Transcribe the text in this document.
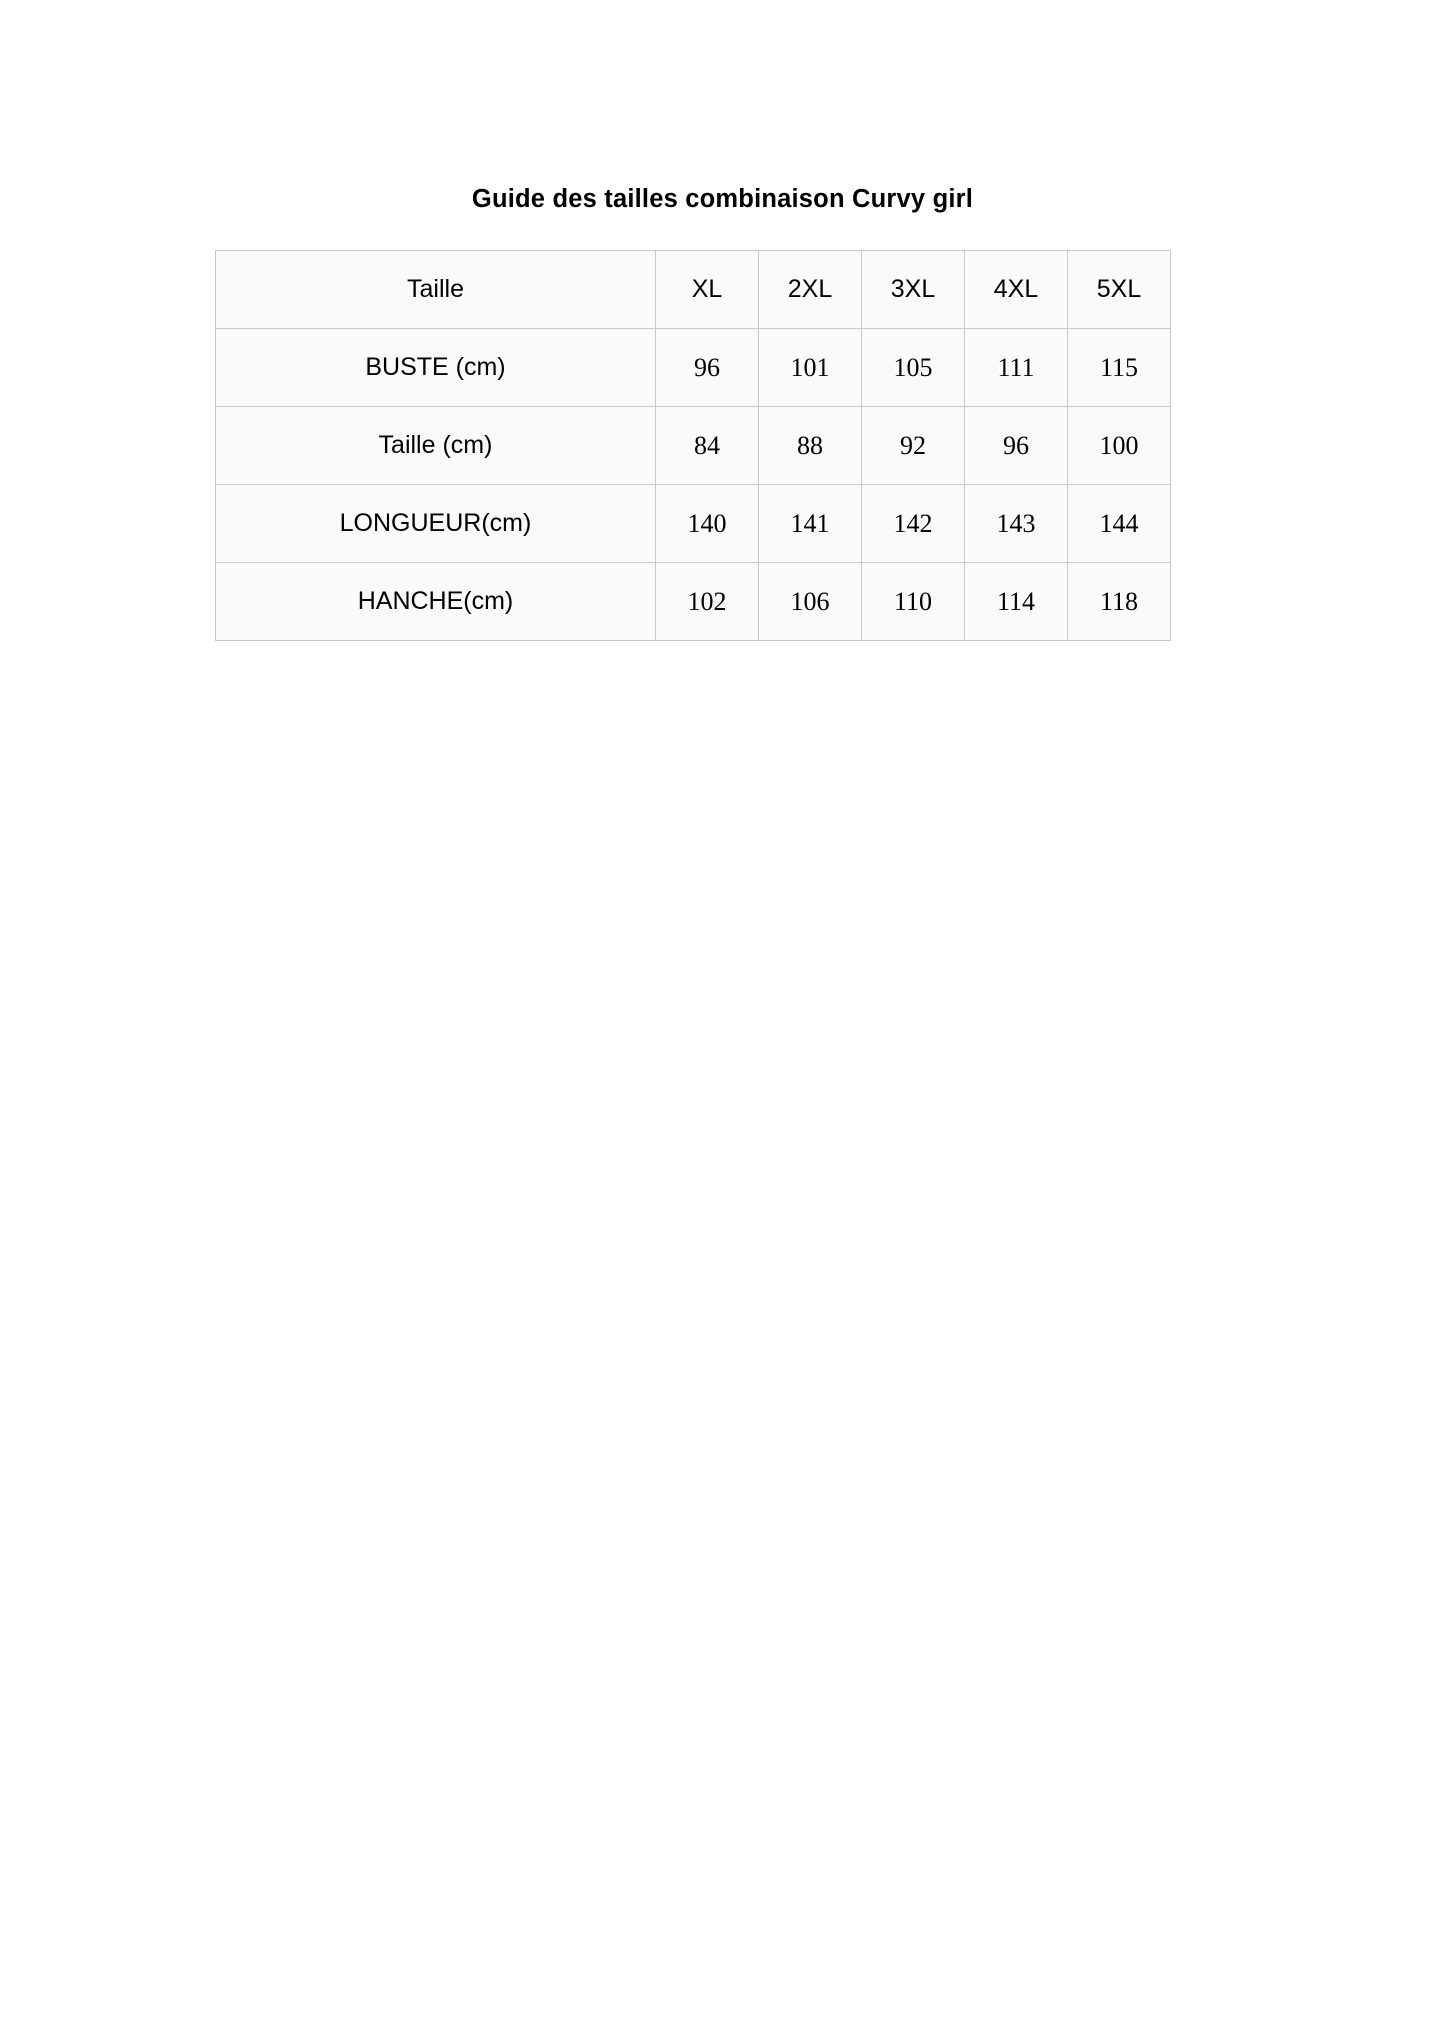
Guide des tailles combinaison Curvy girl
Taille	XL	2XL	3XL	4XL	5XL
BUSTE (cm)	96	101	105	111	115
Taille (cm)	84	88	92	96	100
LONGUEUR(cm)	140	141	142	143	144
HANCHE(cm)	102	106	110	114	118
